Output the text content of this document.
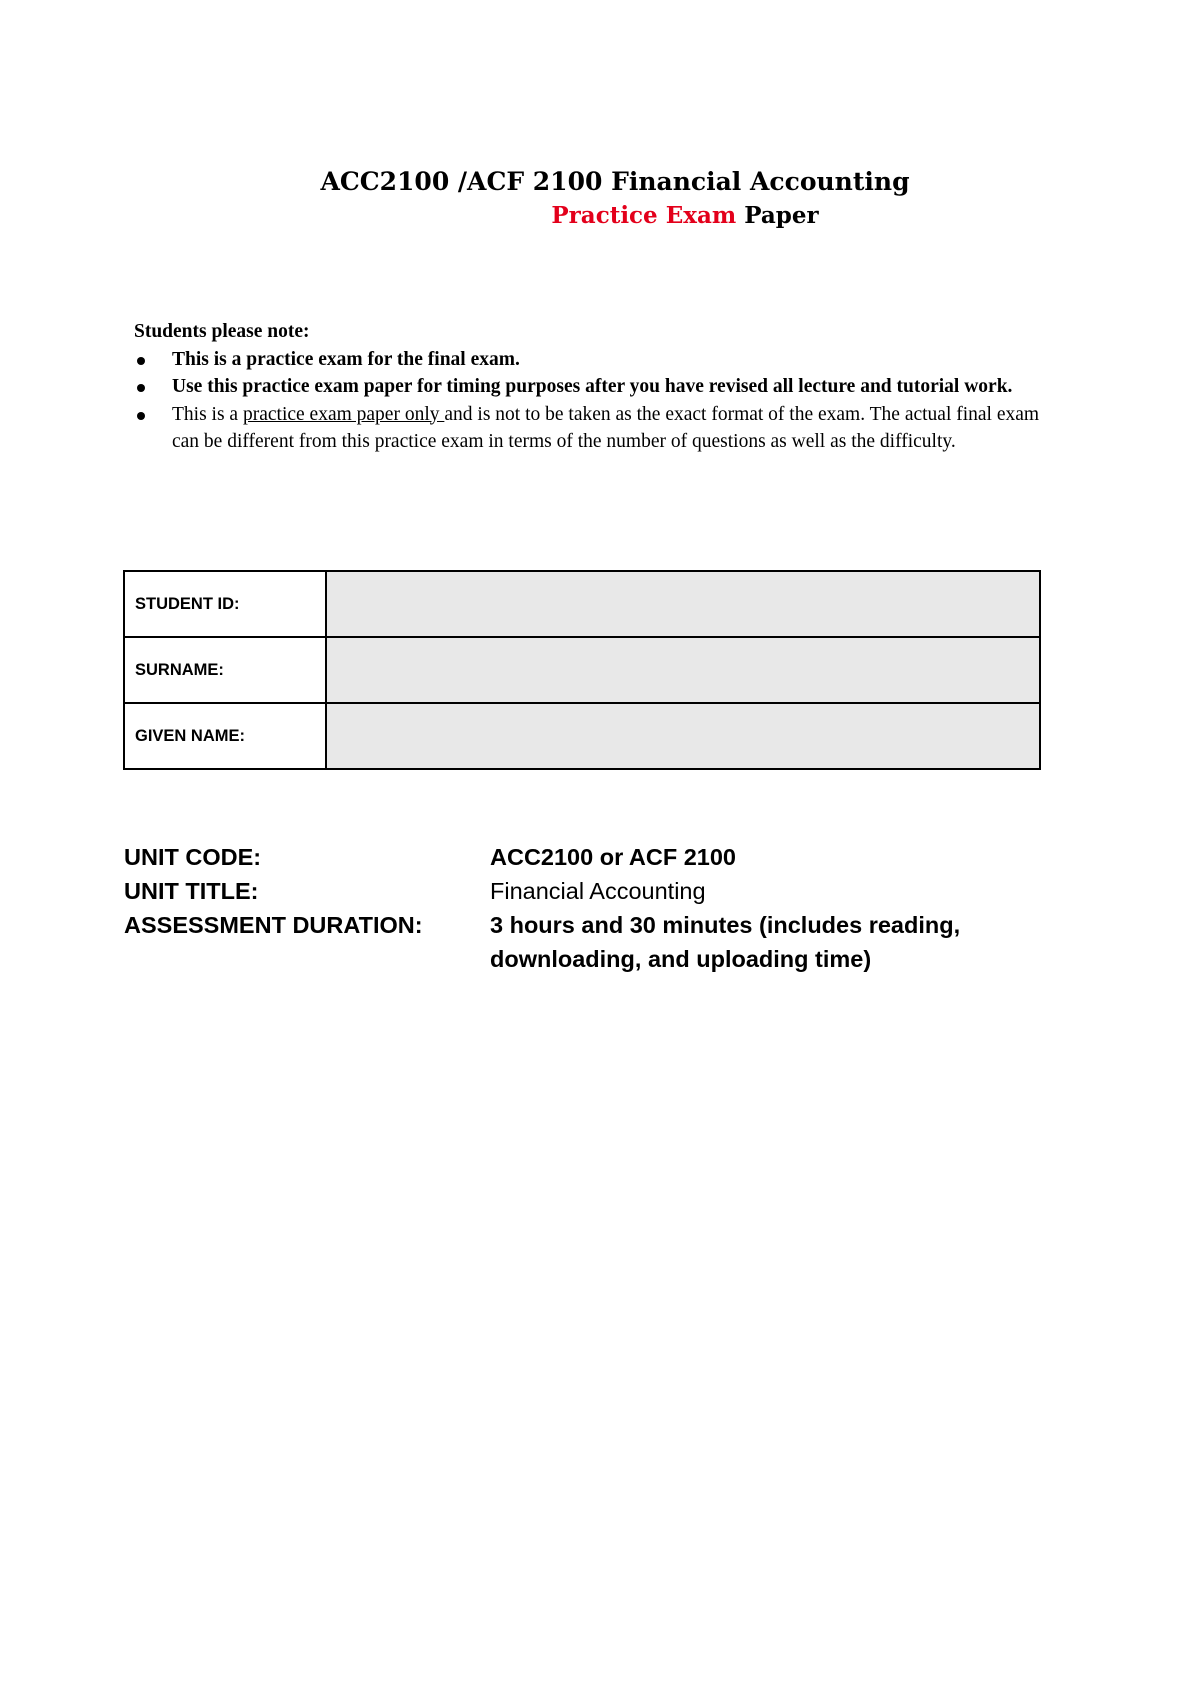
ACC2100 /ACF 2100 Financial Accounting
Practice Exam Paper
Students please note:
This is a practice exam for the final exam.
Use this practice exam paper for timing purposes after you have revised all lecture and tutorial work.
This is a practice exam paper only and is not to be taken as the exact format of the exam. The actual final exam can be different from this practice exam in terms of the number of questions as well as the difficulty.
STUDENT ID:	
SURNAME:	
GIVEN NAME:	
UNIT CODE:	ACC2100 or ACF 2100
UNIT TITLE:	Financial Accounting
ASSESSMENT DURATION:	3 hours and 30 minutes (includes reading, downloading, and uploading time)
